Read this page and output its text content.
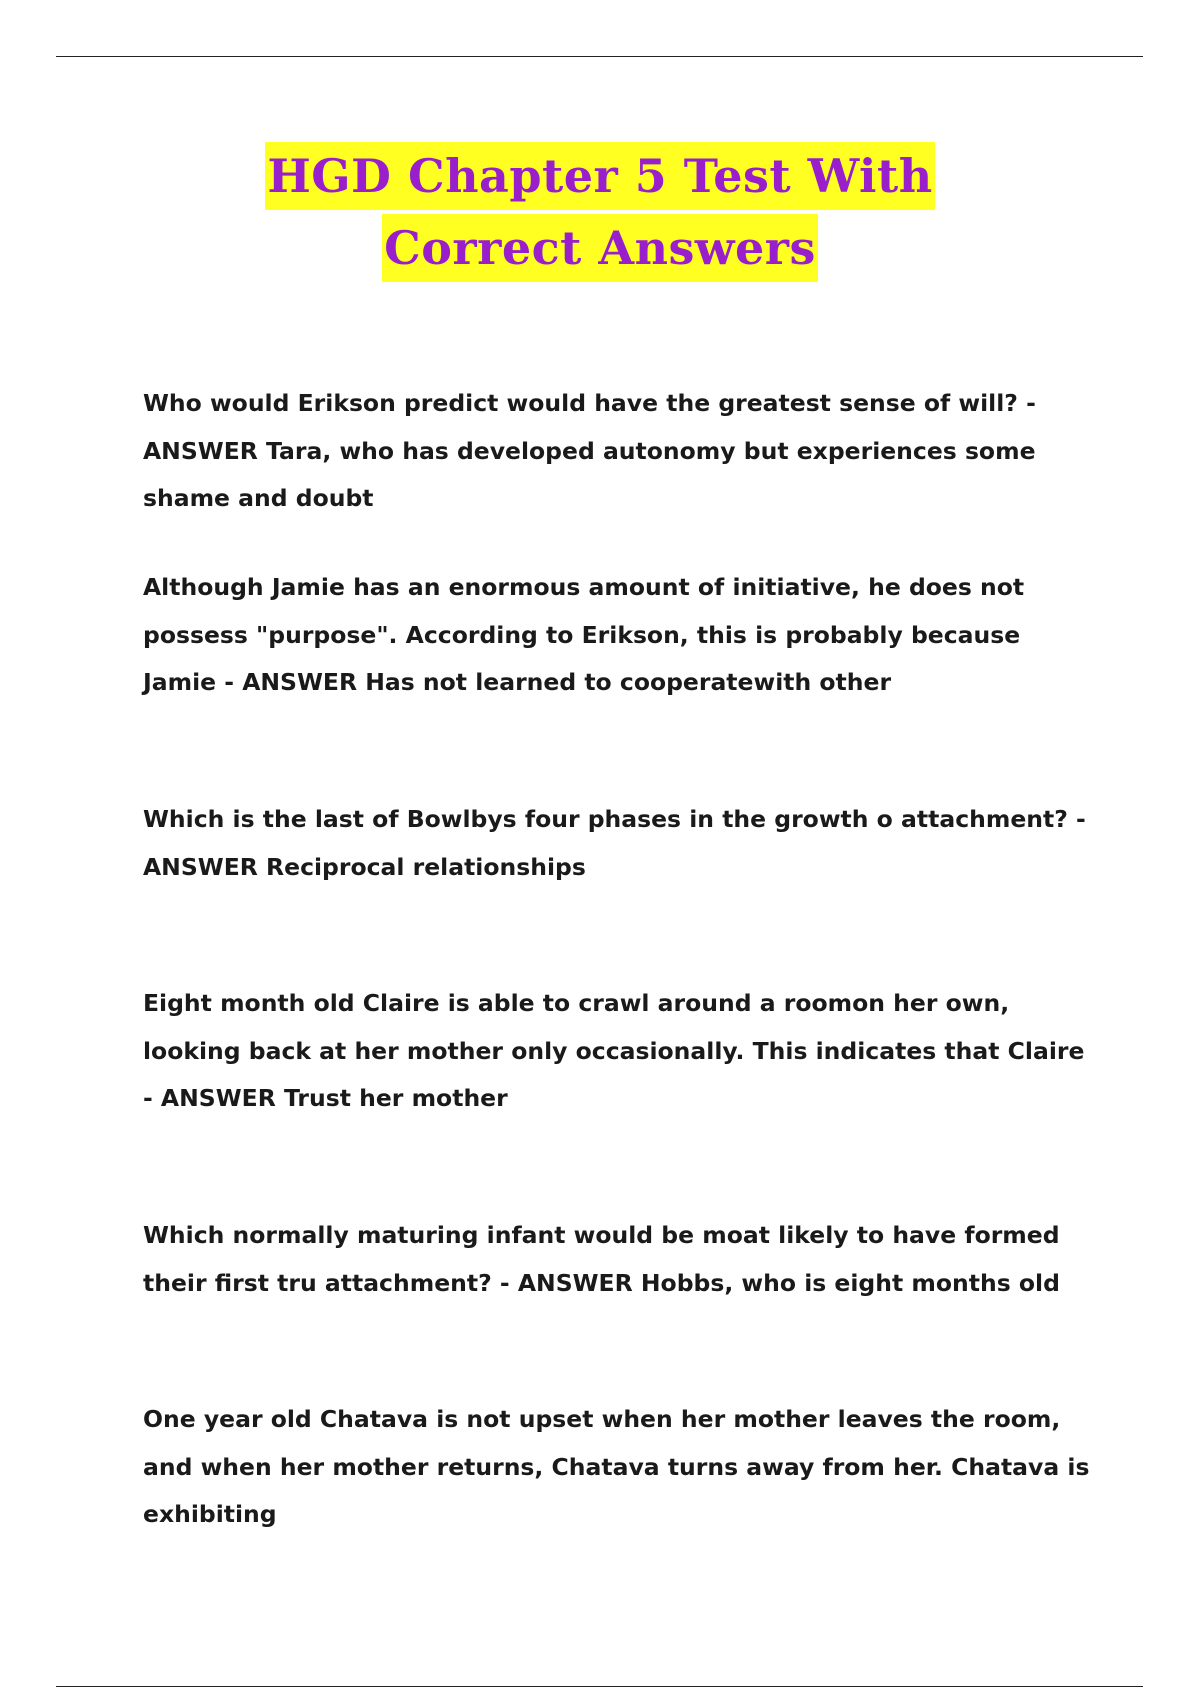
HGD Chapter 5 Test With
Correct Answers
Who would Erikson predict would have the greatest sense of will? - ANSWER Tara, who has developed autonomy but experiences some shame and doubt
Although Jamie has an enormous amount of initiative, he does not possess "purpose". According to Erikson, this is probably because Jamie - ANSWER Has not learned to cooperatewith other
Which is the last of Bowlbys four phases in the growth o attachment? - ANSWER Reciprocal relationships
Eight month old Claire is able to crawl around a roomon her own, looking back at her mother only occasionally. This indicates that Claire - ANSWER Trust her mother
Which normally maturing infant would be moat likely to have formed their first tru attachment? - ANSWER Hobbs, who is eight months old
One year old Chatava is not upset when her mother leaves the room, and when her mother returns, Chatava turns away from her. Chatava is exhibiting
